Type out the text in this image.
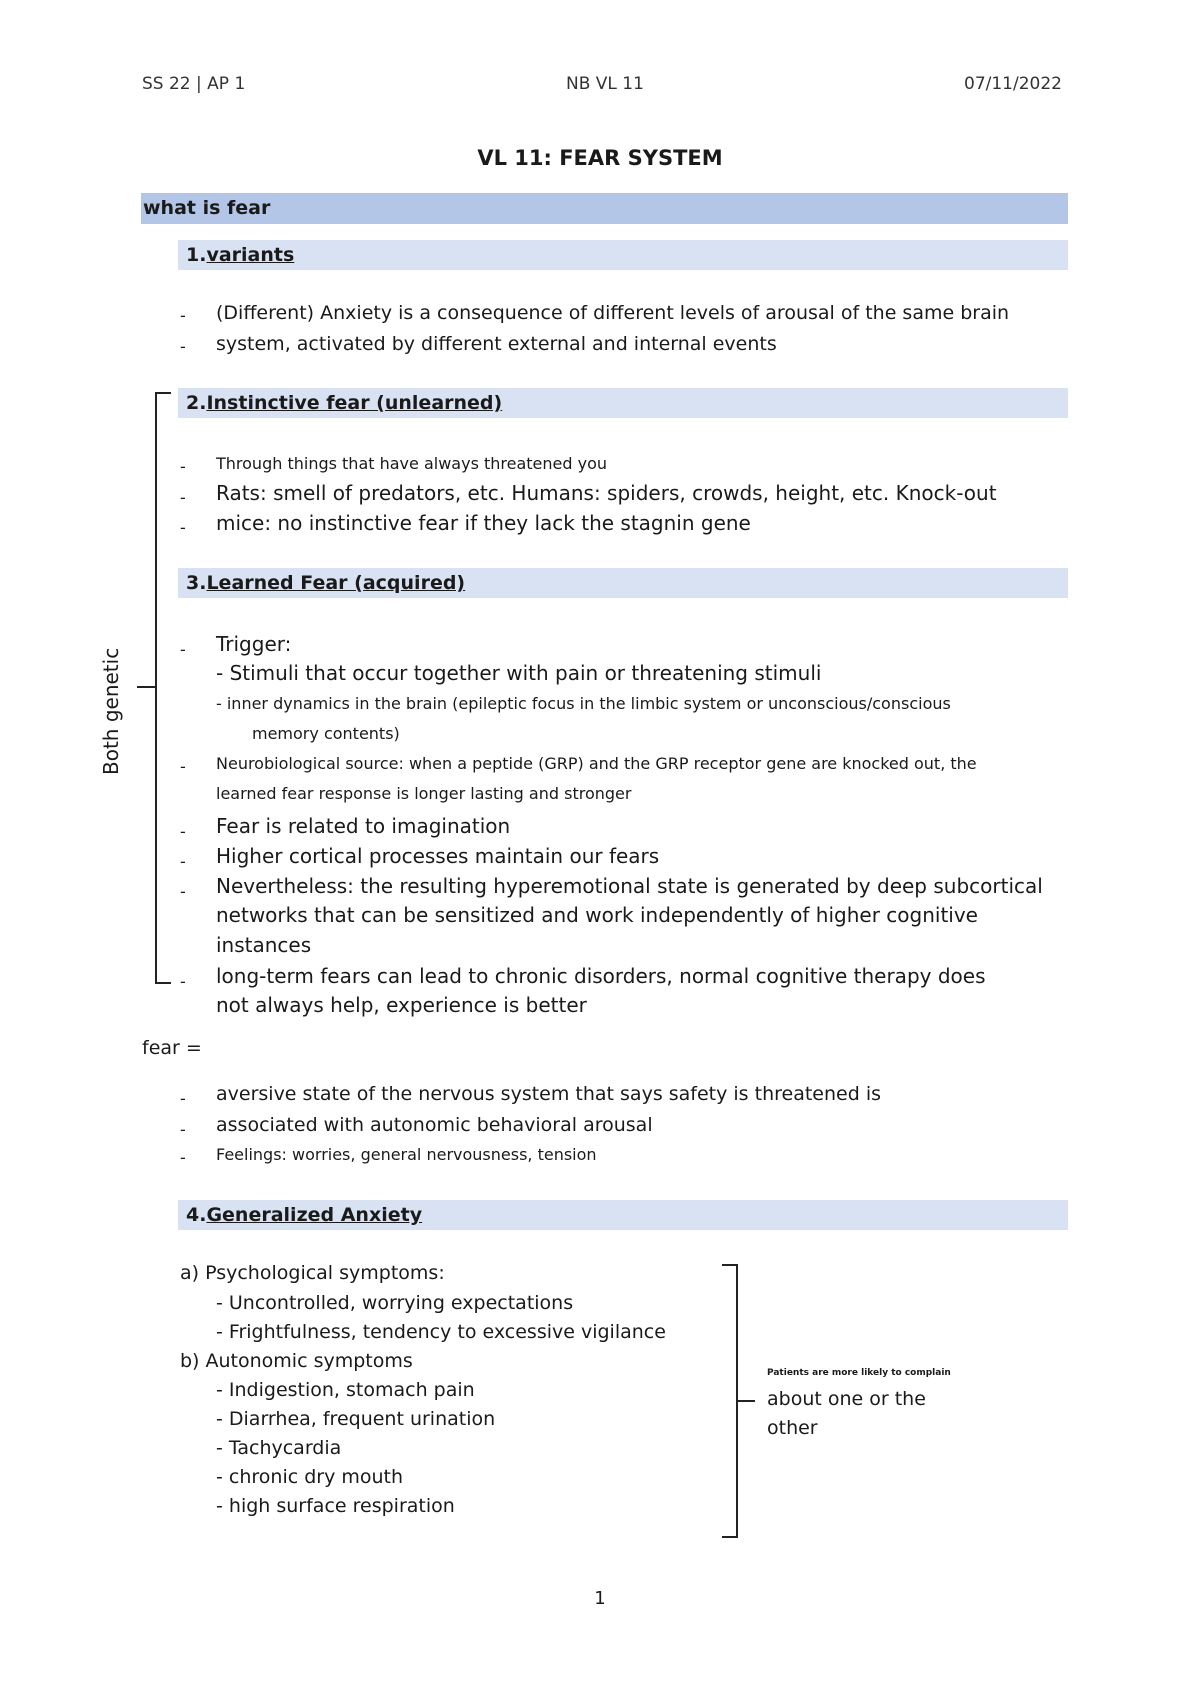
SS 22 | AP 1	NB VL 11	07/11/2022
VL 11: FEAR SYSTEM
what is fear
1.variants
- (Different) Anxiety is a consequence of different levels of arousal of the same brain
- system, activated by different external and internal events
Both genetic
2.Instinctive fear (unlearned)
- Through things that have always threatened you
- Rats: smell of predators, etc. Humans: spiders, crowds, height, etc. Knock-out
- mice: no instinctive fear if they lack the stagnin gene
3.Learned Fear (acquired)
- Trigger:
- Stimuli that occur together with pain or threatening stimuli
- inner dynamics in the brain (epileptic focus in the limbic system or unconscious/conscious
memory contents)
- Neurobiological source: when a peptide (GRP) and the GRP receptor gene are knocked out, the
learned fear response is longer lasting and stronger
- Fear is related to imagination
- Higher cortical processes maintain our fears
- Nevertheless: the resulting hyperemotional state is generated by deep subcortical
networks that can be sensitized and work independently of higher cognitive
instances
- long-term fears can lead to chronic disorders, normal cognitive therapy does
not always help, experience is better
fear =
- aversive state of the nervous system that says safety is threatened is
- associated with autonomic behavioral arousal
- Feelings: worries, general nervousness, tension
4.Generalized Anxiety
a) Psychological symptoms:
- Uncontrolled, worrying expectations
- Frightfulness, tendency to excessive vigilance
b) Autonomic symptoms
- Indigestion, stomach pain
- Diarrhea, frequent urination
- Tachycardia
- chronic dry mouth
- high surface respiration
Patients are more likely to complain
about one or the
other
1
